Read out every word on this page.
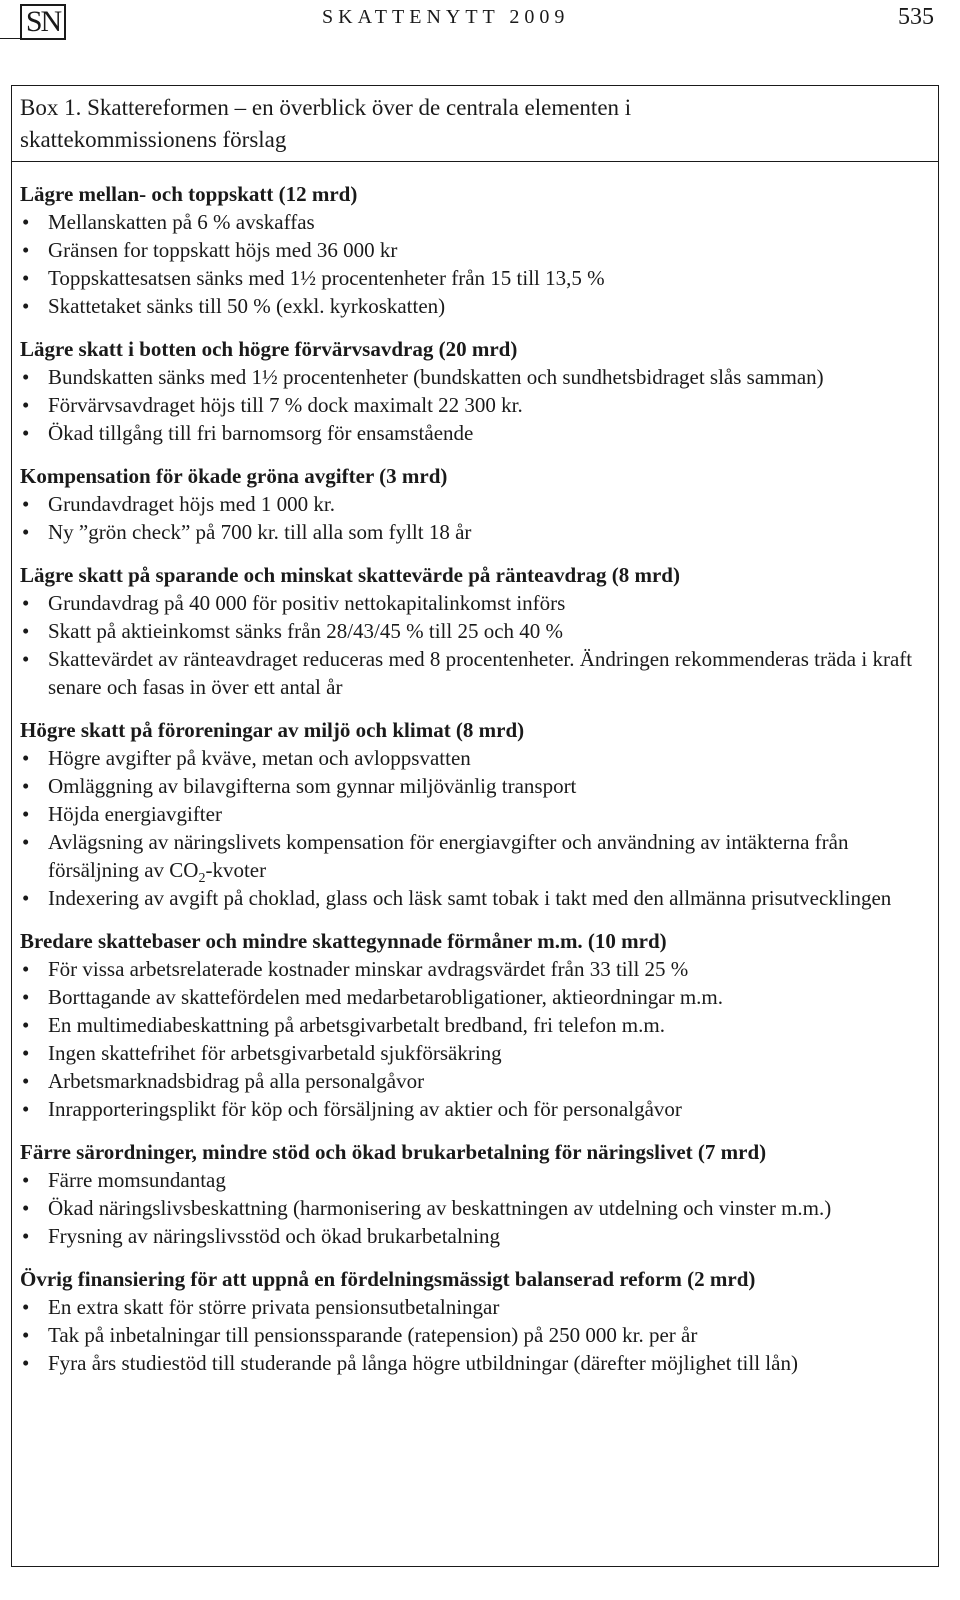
SN	SKATTENYTT 2009	535
Box 1. Skattereformen – en överblick över de centrala elementen i
skattekommissionens förslag
Lägre mellan- och toppskatt (12 mrd)
• Mellanskatten på 6 % avskaffas
• Gränsen for toppskatt höjs med 36 000 kr
• Toppskattesatsen sänks med 1½ procentenheter från 15 till 13,5 %
• Skattetaket sänks till 50 % (exkl. kyrkoskatten)
Lägre skatt i botten och högre förvärvsavdrag (20 mrd)
• Bundskatten sänks med 1½ procentenheter (bundskatten och sundhetsbidraget slås samman)
• Förvärvsavdraget höjs till 7 % dock maximalt 22 300 kr.
• Ökad tillgång till fri barnomsorg för ensamstående
Kompensation för ökade gröna avgifter (3 mrd)
• Grundavdraget höjs med 1 000 kr.
• Ny ”grön check” på 700 kr. till alla som fyllt 18 år
Lägre skatt på sparande och minskat skattevärde på ränteavdrag (8 mrd)
• Grundavdrag på 40 000 för positiv nettokapitalinkomst införs
• Skatt på aktieinkomst sänks från 28/43/45 % till 25 och 40 %
• Skattevärdet av ränteavdraget reduceras med 8 procentenheter. Ändringen rekommenderas träda i kraft senare och fasas in över ett antal år
Högre skatt på föroreningar av miljö och klimat (8 mrd)
• Högre avgifter på kväve, metan och avloppsvatten
• Omläggning av bilavgifterna som gynnar miljövänlig transport
• Höjda energiavgifter
• Avlägsning av näringslivets kompensation för energiavgifter och användning av intäkterna från försäljning av $CO_2$-kvoter
• Indexering av avgift på choklad, glass och läsk samt tobak i takt med den allmänna prisutvecklingen
Bredare skattebaser och mindre skattegynnade förmåner m.m. (10 mrd)
• För vissa arbetsrelaterade kostnader minskar avdragsvärdet från 33 till 25 %
• Borttagande av skattefördelen med medarbetarobligationer, aktieordningar m.m.
• En multimediabeskattning på arbetsgivarbetalt bredband, fri telefon m.m.
• Ingen skattefrihet för arbetsgivarbetald sjukförsäkring
• Arbetsmarknadsbidrag på alla personalgåvor
• Inrapporteringsplikt för köp och försäljning av aktier och för personalgåvor
Färre särordninger, mindre stöd och ökad brukarbetalning för näringslivet (7 mrd)
• Färre momsundantag
• Ökad näringslivsbeskattning (harmonisering av beskattningen av utdelning och vinster m.m.)
• Frysning av näringslivsstöd och ökad brukarbetalning
Övrig finansiering för att uppnå en fördelningsmässigt balanserad reform (2 mrd)
• En extra skatt för större privata pensionsutbetalningar
• Tak på inbetalningar till pensionssparande (ratepension) på 250 000 kr. per år
• Fyra års studiestöd till studerande på långa högre utbildningar (därefter möjlighet till lån)
